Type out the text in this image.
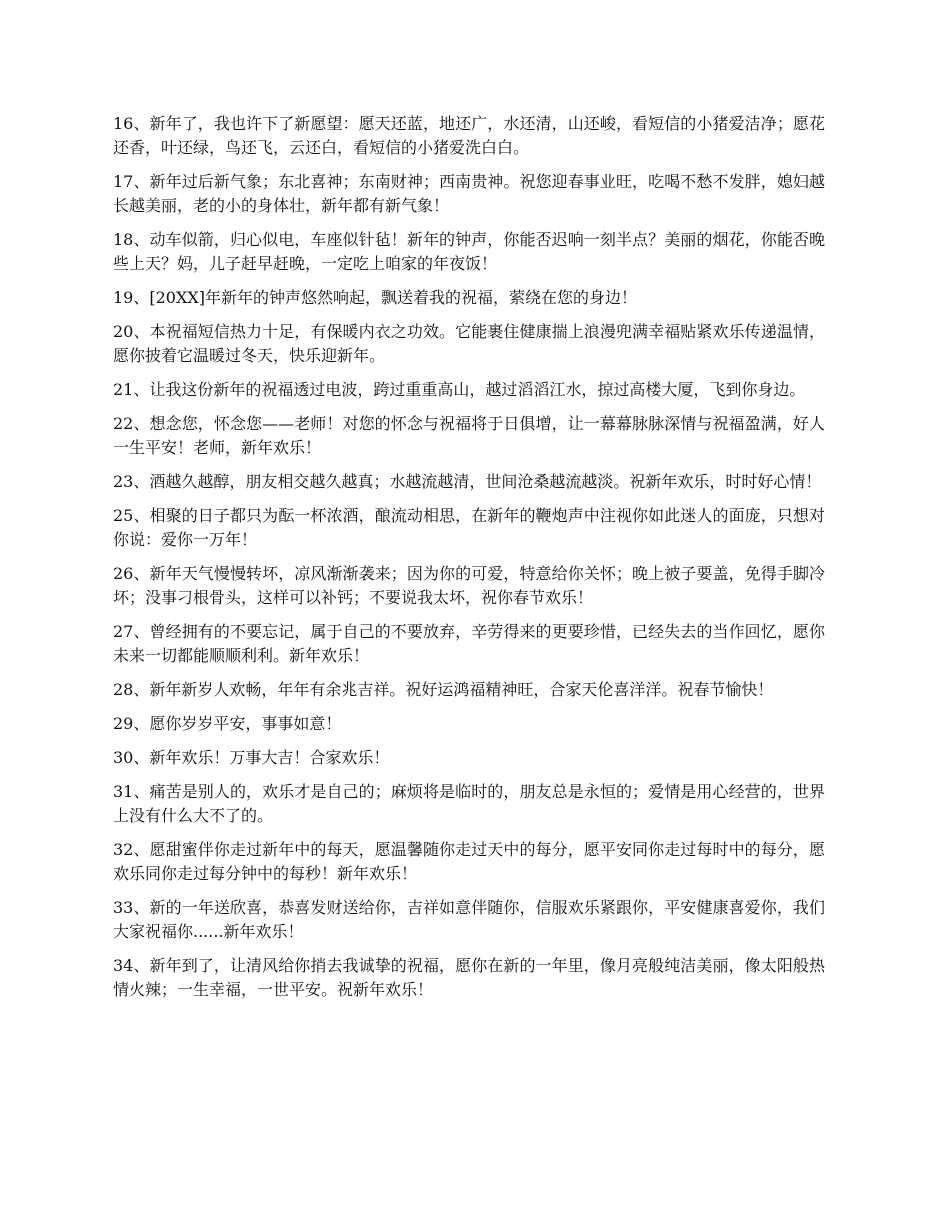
16、新年了，我也许下了新愿望：愿天还蓝，地还广，水还清，山还峻，看短信的小猪爱洁净；愿花还香，叶还绿，鸟还飞，云还白，看短信的小猪爱洗白白。

17、新年过后新气象；东北喜神；东南财神；西南贵神。祝您迎春事业旺，吃喝不愁不发胖，媳妇越长越美丽，老的小的身体壮，新年都有新气象！

18、动车似箭，归心似电，车座似针毡！新年的钟声，你能否迟响一刻半点？美丽的烟花，你能否晚些上天？妈，儿子赶早赶晚，一定吃上咱家的年夜饭！

19、[20XX]年新年的钟声悠然响起，飘送着我的祝福，萦绕在您的身边！

20、本祝福短信热力十足，有保暖内衣之功效。它能裹住健康揣上浪漫兜满幸福贴紧欢乐传递温情，愿你披着它温暖过冬天，快乐迎新年。

21、让我这份新年的祝福透过电波，跨过重重高山，越过滔滔江水，掠过高楼大厦，飞到你身边。

22、想念您，怀念您——老师！对您的怀念与祝福将于日俱增，让一幕幕脉脉深情与祝福盈满，好人一生平安！老师，新年欢乐！

23、酒越久越醇，朋友相交越久越真；水越流越清，世间沧桑越流越淡。祝新年欢乐，时时好心情！

25、相聚的日子都只为酝一杯浓酒，酿流动相思，在新年的鞭炮声中注视你如此迷人的面庞，只想对你说：爱你一万年！

26、新年天气慢慢转坏，凉风渐渐袭来；因为你的可爱，特意给你关怀；晚上被子要盖，免得手脚冷坏；没事刁根骨头，这样可以补钙；不要说我太坏，祝你春节欢乐！

27、曾经拥有的不要忘记，属于自己的不要放弃，辛劳得来的更要珍惜，已经失去的当作回忆，愿你未来一切都能顺顺利利。新年欢乐！

28、新年新岁人欢畅，年年有余兆吉祥。祝好运鸿福精神旺，合家天伦喜洋洋。祝春节愉快！

29、愿你岁岁平安，事事如意！

30、新年欢乐！万事大吉！合家欢乐！

31、痛苦是别人的，欢乐才是自己的；麻烦将是临时的，朋友总是永恒的；爱情是用心经营的，世界上没有什么大不了的。

32、愿甜蜜伴你走过新年中的每天，愿温馨随你走过天中的每分，愿平安同你走过每时中的每分，愿欢乐同你走过每分钟中的每秒！新年欢乐！

33、新的一年送欣喜，恭喜发财送给你，吉祥如意伴随你，信服欢乐紧跟你，平安健康喜爱你，我们大家祝福你......新年欢乐！

34、新年到了，让清风给你捎去我诚挚的祝福，愿你在新的一年里，像月亮般纯洁美丽，像太阳般热情火辣；一生幸福，一世平安。祝新年欢乐！
